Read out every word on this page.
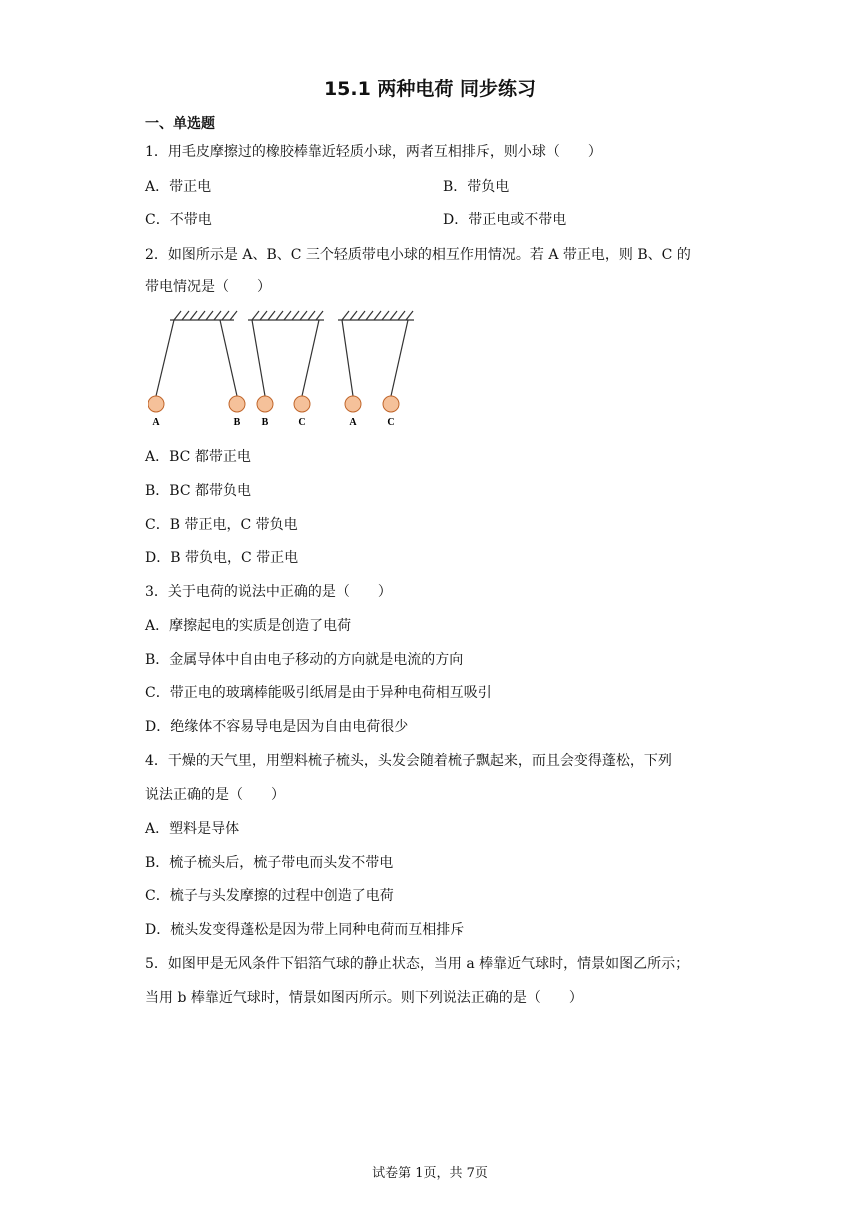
15.1 两种电荷 同步练习
一、单选题
1．用毛皮摩擦过的橡胶棒靠近轻质小球，两者互相排斥，则小球（　　）
A．带正电	B．带负电
C．不带电	D．带正电或不带电
2．如图所示是 A、B、C 三个轻质带电小球的相互作用情况。若 A 带正电，则 B、C 的
带电情况是（　　）
A	B B	C	A	C
A．BC 都带正电
B．BC 都带负电
C．B 带正电，C 带负电
D．B 带负电，C 带正电
3．关于电荷的说法中正确的是（　　）
A．摩擦起电的实质是创造了电荷
B．金属导体中自由电子移动的方向就是电流的方向
C．带正电的玻璃棒能吸引纸屑是由于异种电荷相互吸引
D．绝缘体不容易导电是因为自由电荷很少
4．干燥的天气里，用塑料梳子梳头，头发会随着梳子飘起来，而且会变得蓬松，下列
说法正确的是（　　）
A．塑料是导体
B．梳子梳头后，梳子带电而头发不带电
C．梳子与头发摩擦的过程中创造了电荷
D．梳头发变得蓬松是因为带上同种电荷而互相排斥
5．如图甲是无风条件下铝箔气球的静止状态，当用 a 棒靠近气球时，情景如图乙所示；
当用 b 棒靠近气球时，情景如图丙所示。则下列说法正确的是（　　）
试卷第 1页，共 7页
